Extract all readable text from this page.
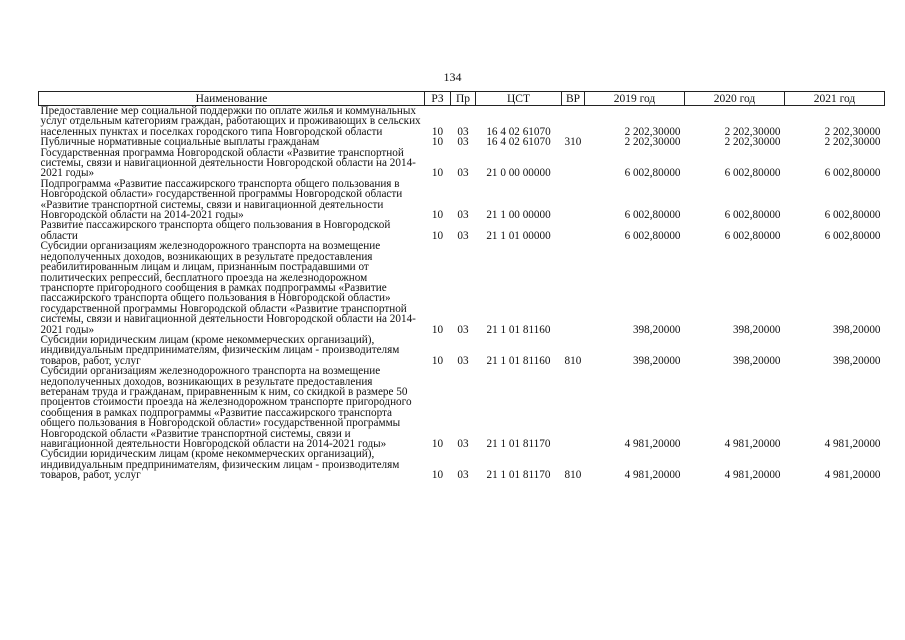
134
Наименование	РЗ	Пр	ЦСТ	ВР	2019 год	2020 год	2021 год
Предоставление мер социальной поддержки по оплате жилья и коммунальных услуг отдельным категориям граждан, работающих и проживающих в сельских населенных пунктах и поселках городского типа Новгородской области	10	03	16 4 02 61070		2 202,30000	2 202,30000	2 202,30000
Публичные нормативные социальные выплаты гражданам	10	03	16 4 02 61070	310	2 202,30000	2 202,30000	2 202,30000
Государственная программа Новгородской области «Развитие транспортной системы, связи и навигационной деятельности Новгородской области на 2014-2021 годы»	10	03	21 0 00 00000		6 002,80000	6 002,80000	6 002,80000
Подпрограмма «Развитие пассажирского транспорта общего пользования в Новгородской области» государственной программы Новгородской области «Развитие транспортной системы, связи и навигационной деятельности Новгородской области на 2014-2021 годы»	10	03	21 1 00 00000		6 002,80000	6 002,80000	6 002,80000
Развитие пассажирского транспорта общего пользования в Новгородской области	10	03	21 1 01 00000		6 002,80000	6 002,80000	6 002,80000
Субсидии организациям железнодорожного транспорта на возмещение недополученных доходов, возникающих в результате предоставления реабилитированным лицам и лицам, признанным пострадавшими от политических репрессий, бесплатного проезда на железнодорожном транспорте пригородного сообщения в рамках подпрограммы «Развитие пассажирского транспорта общего пользования в Новгородской области» государственной программы Новгородской области «Развитие транспортной системы, связи и навигационной деятельности Новгородской области на 2014-2021 годы»	10	03	21 1 01 81160		398,20000	398,20000	398,20000
Субсидии юридическим лицам (кроме некоммерческих организаций), индивидуальным предпринимателям, физическим лицам - производителям товаров, работ, услуг	10	03	21 1 01 81160	810	398,20000	398,20000	398,20000
Субсидии организациям железнодорожного транспорта на возмещение недополученных доходов, возникающих в результате предоставления ветеранам труда и гражданам, приравненным к ним, со скидкой в размере 50 процентов стоимости проезда на железнодорожном транспорте пригородного сообщения в рамках подпрограммы «Развитие пассажирского транспорта общего пользования в Новгородской области» государственной программы Новгородской области «Развитие транспортной системы, связи и навигационной деятельности Новгородской области на 2014-2021 годы»	10	03	21 1 01 81170		4 981,20000	4 981,20000	4 981,20000
Субсидии юридическим лицам (кроме некоммерческих организаций), индивидуальным предпринимателям, физическим лицам - производителям товаров, работ, услуг	10	03	21 1 01 81170	810	4 981,20000	4 981,20000	4 981,20000
